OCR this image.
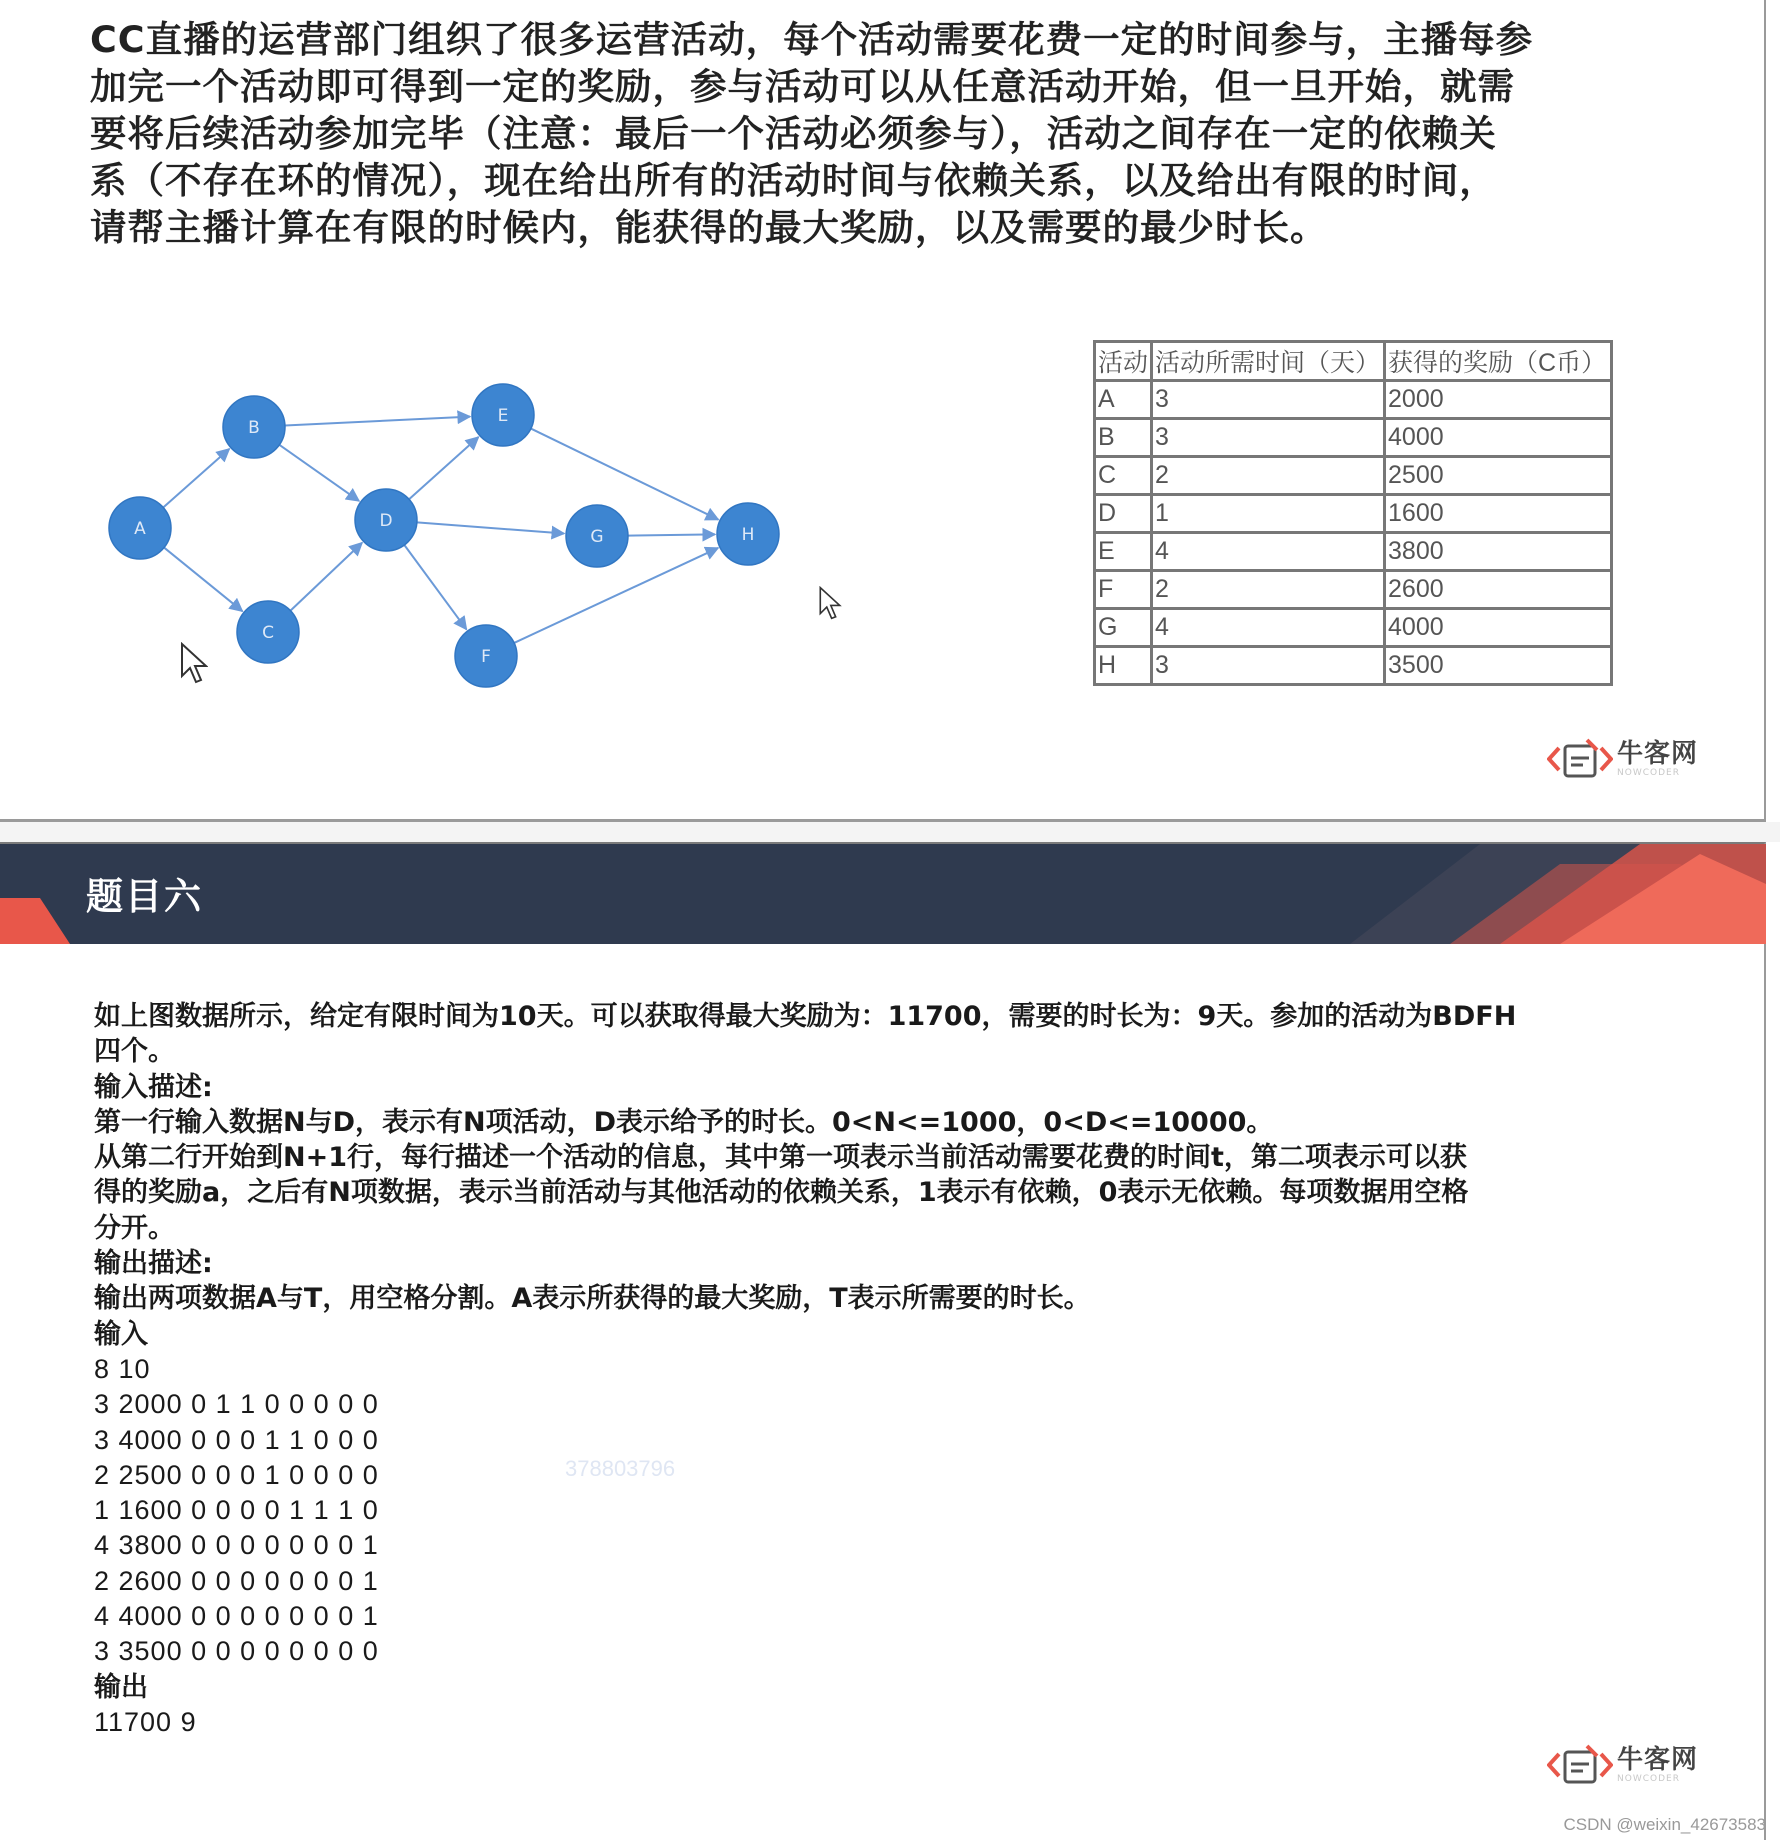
CC直播的运营部门组织了很多运营活动，每个活动需要花费一定的时间参与，主播每参
加完一个活动即可得到一定的奖励，参与活动可以从任意活动开始，但一旦开始，就需
要将后续活动参加完毕（注意：最后一个活动必须参与），活动之间存在一定的依赖关
系（不存在环的情况），现在给出所有的活动时间与依赖关系，以及给出有限的时间，
请帮主播计算在有限的时候内，能获得的最大奖励，以及需要的最少时长。
A
B
C
D
E
F
G	H
活动	活动所需时间（天）	获得的奖励（C币）
A	3	2000
B	3	4000
C	2	2500
D	1	1600
E	4	3800
F	2	2600
G	4	4000
H	3	3500
牛客网
NOWCODER
题目六
如上图数据所示，给定有限时间为10天。可以获取得最大奖励为：11700，需要的时长为：9天。参加的活动为BDFH
四个。
输入描述:
第一行输入数据N与D，表示有N项活动，D表示给予的时长。0<N<=1000，0<D<=10000。
从第二行开始到N+1行，每行描述一个活动的信息，其中第一项表示当前活动需要花费的时间t，第二项表示可以获
得的奖励a，之后有N项数据，表示当前活动与其他活动的依赖关系，1表示有依赖，0表示无依赖。每项数据用空格
分开。
输出描述:
输出两项数据A与T，用空格分割。A表示所获得的最大奖励，T表示所需要的时长。
输入
8 10
3 2000 0 1 1 0 0 0 0 0
3 4000 0 0 0 1 1 0 0 0
2 2500 0 0 0 1 0 0 0 0
1 1600 0 0 0 0 1 1 1 0
4 3800 0 0 0 0 0 0 0 1
2 2600 0 0 0 0 0 0 0 1
4 4000 0 0 0 0 0 0 0 1
3 3500 0 0 0 0 0 0 0 0
输出
11700 9
378803796
牛客网
NOWCODER
CSDN @weixin_42673583
